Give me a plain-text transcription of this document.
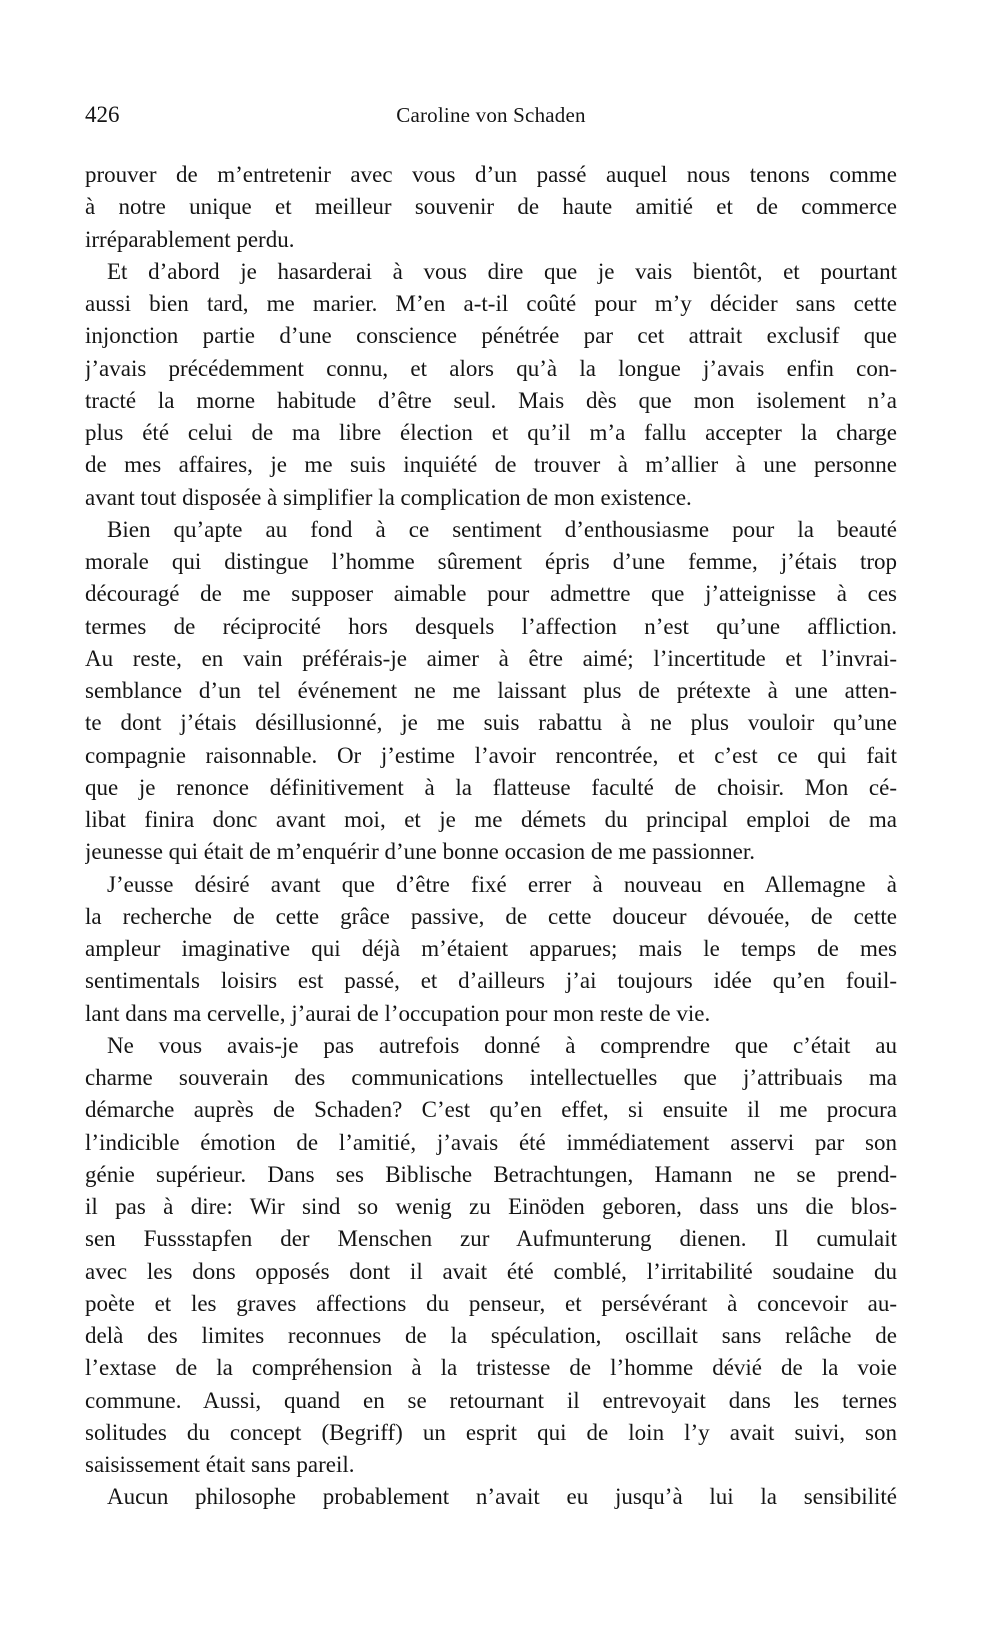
426	Caroline von Schaden
prouver de m’entretenir avec vous d’un passé auquel nous tenons comme
à notre unique et meilleur souvenir de haute amitié et de commerce
irréparablement perdu.
Et d’abord je hasarderai à vous dire que je vais bientôt, et pourtant
aussi bien tard, me marier. M’en a-t-il coûté pour m’y décider sans cette
injonction partie d’une conscience pénétrée par cet attrait exclusif que
j’avais précédemment connu, et alors qu’à la longue j’avais enfin con-
tracté la morne habitude d’être seul. Mais dès que mon isolement n’a
plus été celui de ma libre élection et qu’il m’a fallu accepter la charge
de mes affaires, je me suis inquiété de trouver à m’allier à une personne
avant tout disposée à simplifier la complication de mon existence.
Bien qu’apte au fond à ce sentiment d’enthousiasme pour la beauté
morale qui distingue l’homme sûrement épris d’une femme, j’étais trop
découragé de me supposer aimable pour admettre que j’atteignisse à ces
termes de réciprocité hors desquels l’affection n’est qu’une affliction.
Au reste, en vain préférais-je aimer à être aimé; l’incertitude et l’invrai-
semblance d’un tel événement ne me laissant plus de prétexte à une atten-
te dont j’étais désillusionné, je me suis rabattu à ne plus vouloir qu’une
compagnie raisonnable. Or j’estime l’avoir rencontrée, et c’est ce qui fait
que je renonce définitivement à la flatteuse faculté de choisir. Mon cé-
libat finira donc avant moi, et je me démets du principal emploi de ma
jeunesse qui était de m’enquérir d’une bonne occasion de me passionner.
J’eusse désiré avant que d’être fixé errer à nouveau en Allemagne à
la recherche de cette grâce passive, de cette douceur dévouée, de cette
ampleur imaginative qui déjà m’étaient apparues; mais le temps de mes
sentimentals loisirs est passé, et d’ailleurs j’ai toujours idée qu’en fouil-
lant dans ma cervelle, j’aurai de l’occupation pour mon reste de vie.
Ne vous avais-je pas autrefois donné à comprendre que c’était au
charme souverain des communications intellectuelles que j’attribuais ma
démarche auprès de Schaden? C’est qu’en effet, si ensuite il me procura
l’indicible émotion de l’amitié, j’avais été immédiatement asservi par son
génie supérieur. Dans ses Biblische Betrachtungen, Hamann ne se prend-
il pas à dire: Wir sind so wenig zu Einöden geboren, dass uns die blos-
sen Fussstapfen der Menschen zur Aufmunterung dienen. Il cumulait
avec les dons opposés dont il avait été comblé, l’irritabilité soudaine du
poète et les graves affections du penseur, et persévérant à concevoir au-
delà des limites reconnues de la spéculation, oscillait sans relâche de
l’extase de la compréhension à la tristesse de l’homme dévié de la voie
commune. Aussi, quand en se retournant il entrevoyait dans les ternes
solitudes du concept (Begriff) un esprit qui de loin l’y avait suivi, son
saisissement était sans pareil.
Aucun philosophe probablement n’avait eu jusqu’à lui la sensibilité
